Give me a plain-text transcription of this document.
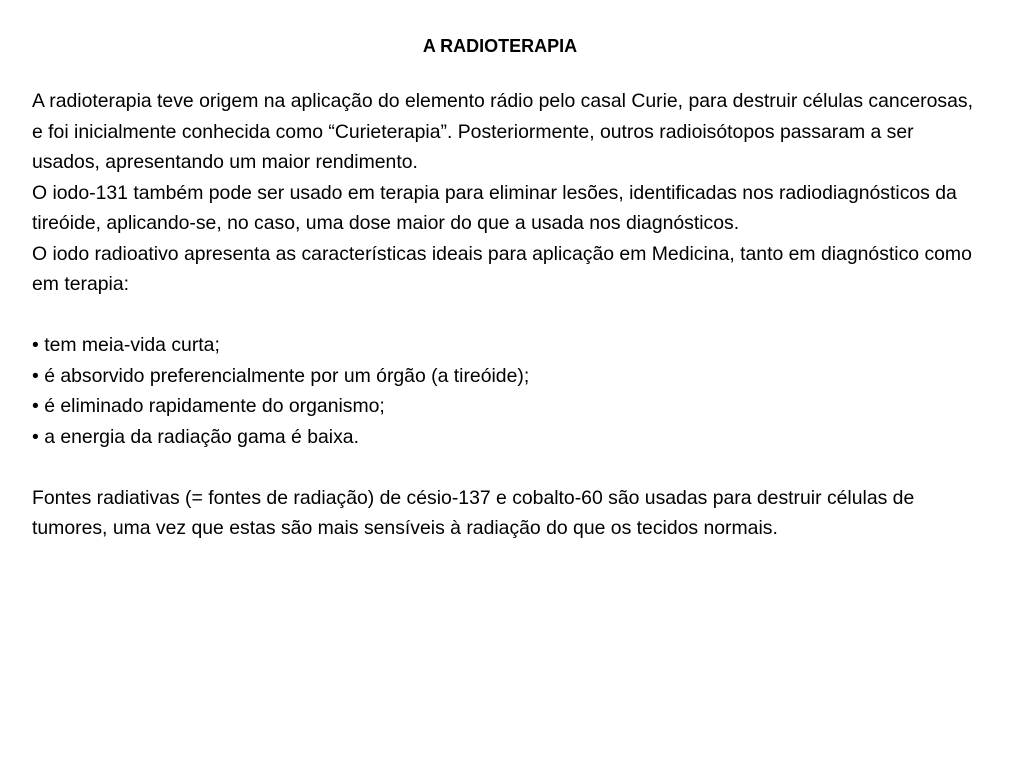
A RADIOTERAPIA

A radioterapia teve origem na aplicação do elemento rádio pelo casal Curie, para destruir células cancerosas, e foi inicialmente conhecida como “Curieterapia”. Posteriormente, outros radioisótopos passaram a ser usados, apresentando um maior rendimento.

O iodo-131 também pode ser usado em terapia para eliminar lesões, identificadas nos radiodiagnósticos da tireóide, aplicando-se, no caso, uma dose maior do que a usada nos diagnósticos.

O iodo radioativo apresenta as características ideais para aplicação em Medicina, tanto em diagnóstico como em terapia:

• tem meia-vida curta;
• é absorvido preferencialmente por um órgão (a tireóide);
• é eliminado rapidamente do organismo;
• a energia da radiação gama é baixa.

Fontes radiativas (= fontes de radiação) de césio-137 e cobalto-60 são usadas para destruir células de tumores, uma vez que estas são mais sensíveis à radiação do que os tecidos normais.
